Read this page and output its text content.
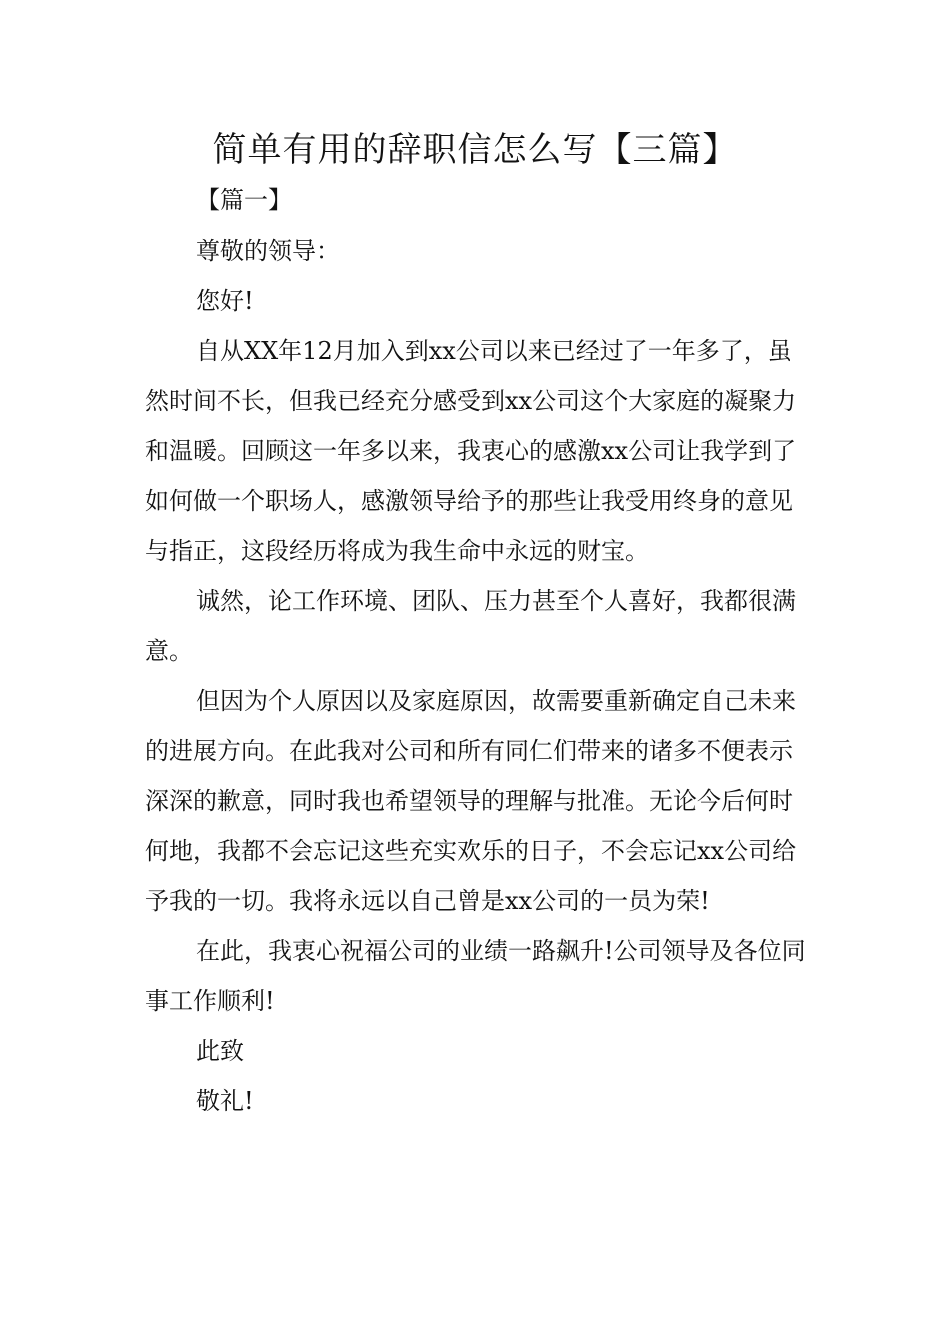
简单有用的辞职信怎么写【三篇】

【篇一】

尊敬的领导：

您好!

自从XX年12月加入到xx公司以来已经过了一年多了，虽然时间不长，但我已经充分感受到xx公司这个大家庭的凝聚力和温暖。回顾这一年多以来，我衷心的感激xx公司让我学到了如何做一个职场人，感激领导给予的那些让我受用终身的意见与指正，这段经历将成为我生命中永远的财宝。

诚然，论工作环境、团队、压力甚至个人喜好，我都很满意。

但因为个人原因以及家庭原因，故需要重新确定自己未来的进展方向。在此我对公司和所有同仁们带来的诸多不便表示深深的歉意，同时我也希望领导的理解与批准。无论今后何时何地，我都不会忘记这些充实欢乐的日子，不会忘记xx公司给予我的一切。我将永远以自己曾是xx公司的一员为荣!

在此，我衷心祝福公司的业绩一路飙升!公司领导及各位同事工作顺利!

此致

敬礼!
